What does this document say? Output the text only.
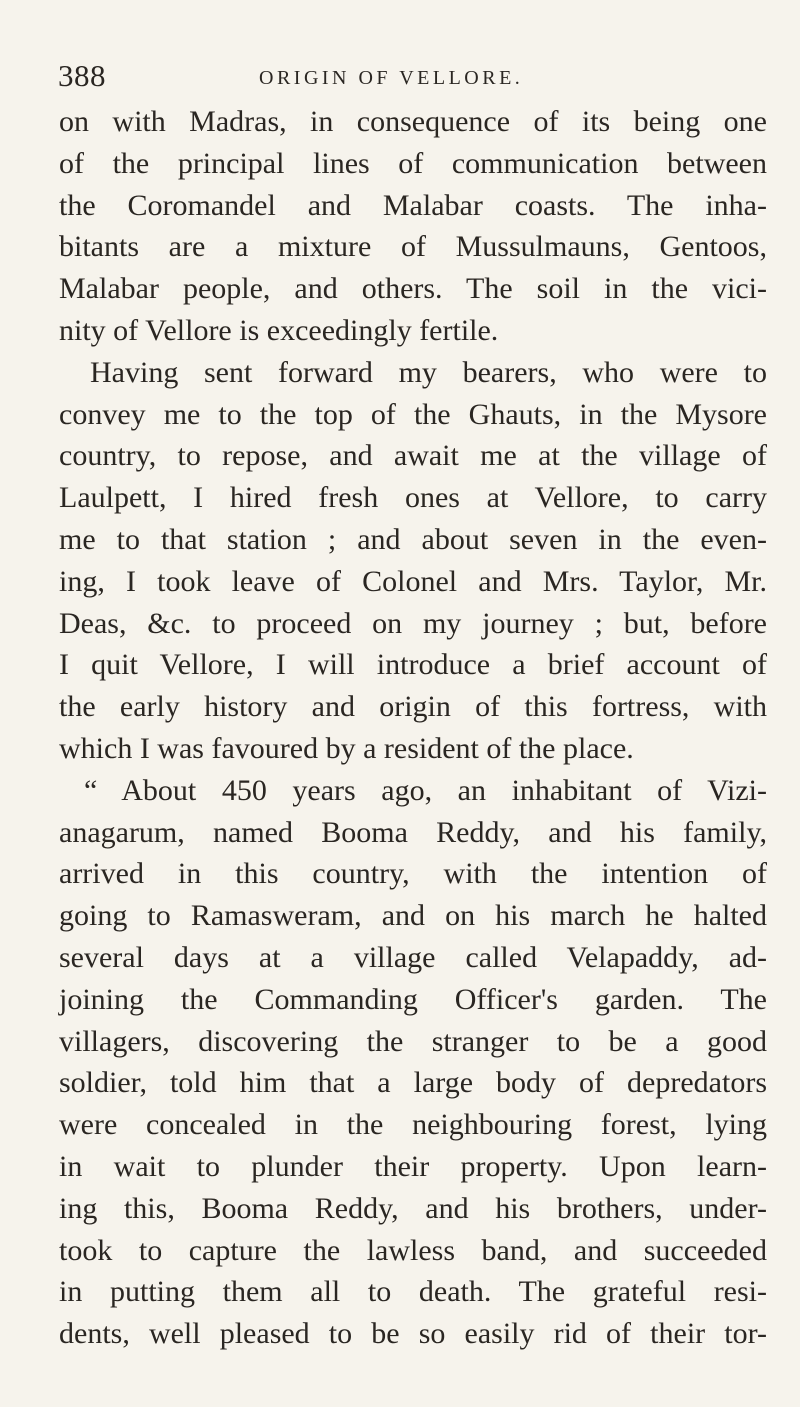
388	ORIGIN OF VELLORE.
on with Madras, in consequence of its being one
of the principal lines of communication between
the Coromandel and Malabar coasts. The inha-
bitants are a mixture of Mussulmauns, Gentoos,
Malabar people, and others. The soil in the vici-
nity of Vellore is exceedingly fertile.
Having sent forward my bearers, who were to
convey me to the top of the Ghauts, in the Mysore
country, to repose, and await me at the village of
Laulpett, I hired fresh ones at Vellore, to carry
me to that station ; and about seven in the even-
ing, I took leave of Colonel and Mrs. Taylor, Mr.
Deas, &c. to proceed on my journey ; but, before
I quit Vellore, I will introduce a brief account of
the early history and origin of this fortress, with
which I was favoured by a resident of the place.
“ About 450 years ago, an inhabitant of Vizi-
anagarum, named Booma Reddy, and his family,
arrived in this country, with the intention of
going to Ramasweram, and on his march he halted
several days at a village called Velapaddy, ad-
joining the Commanding Officer's garden. The
villagers, discovering the stranger to be a good
soldier, told him that a large body of depredators
were concealed in the neighbouring forest, lying
in wait to plunder their property. Upon learn-
ing this, Booma Reddy, and his brothers, under-
took to capture the lawless band, and succeeded
in putting them all to death. The grateful resi-
dents, well pleased to be so easily rid of their tor-
